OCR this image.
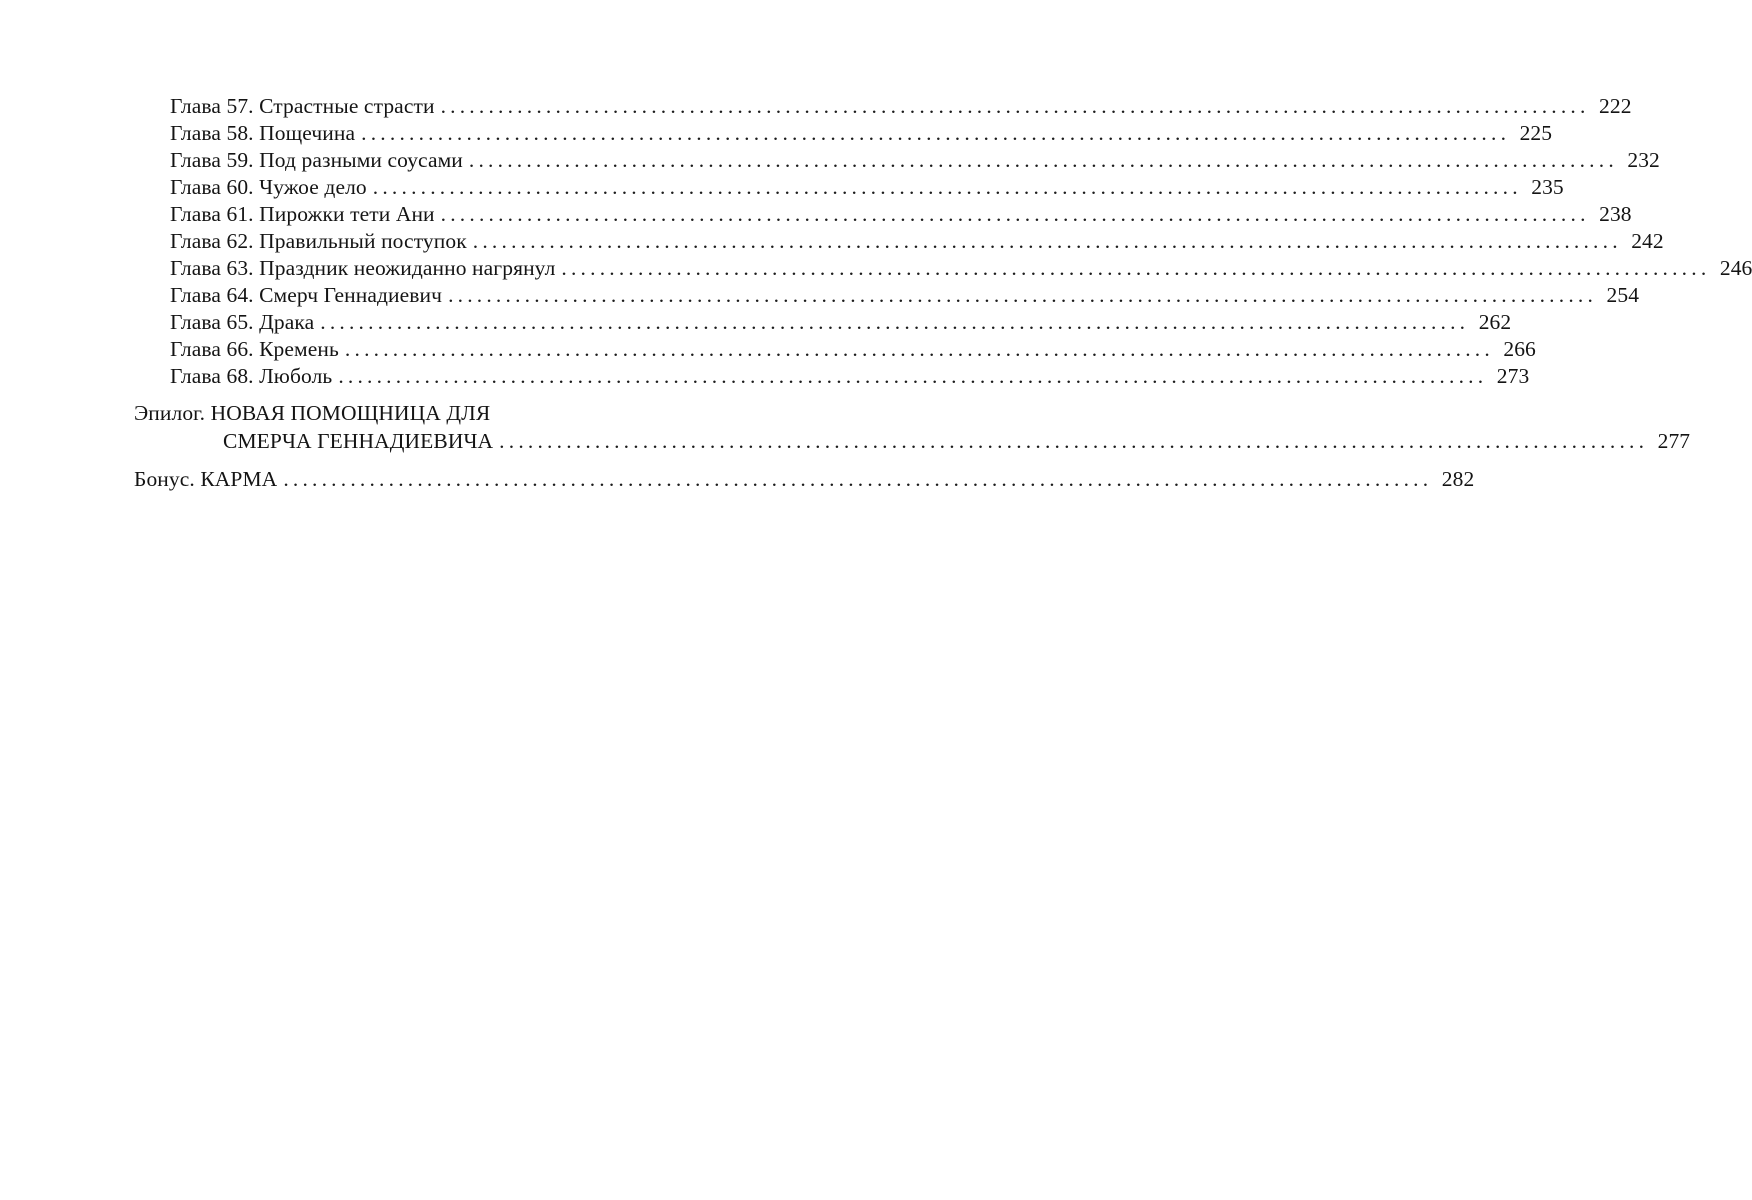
Глава 57. Страстные страсти ........................................................................................................................ 222
Глава 58. Пощечина ........................................................................................................................ 225
Глава 59. Под разными соусами ........................................................................................................................ 232
Глава 60. Чужое дело ........................................................................................................................ 235
Глава 61. Пирожки тети Ани ........................................................................................................................ 238
Глава 62. Правильный поступок ........................................................................................................................ 242
Глава 63. Праздник неожиданно нагрянул ........................................................................................................................ 246
Глава 64. Смерч Геннадиевич ........................................................................................................................ 254
Глава 65. Драка ........................................................................................................................ 262
Глава 66. Кремень ........................................................................................................................ 266
Глава 68. Люболь ........................................................................................................................ 273
Эпилог. НОВАЯ ПОМОЩНИЦА ДЛЯ
СМЕРЧА ГЕННАДИЕВИЧА ........................................................................................................................ 277
Бонус. КАРМА ........................................................................................................................ 282
